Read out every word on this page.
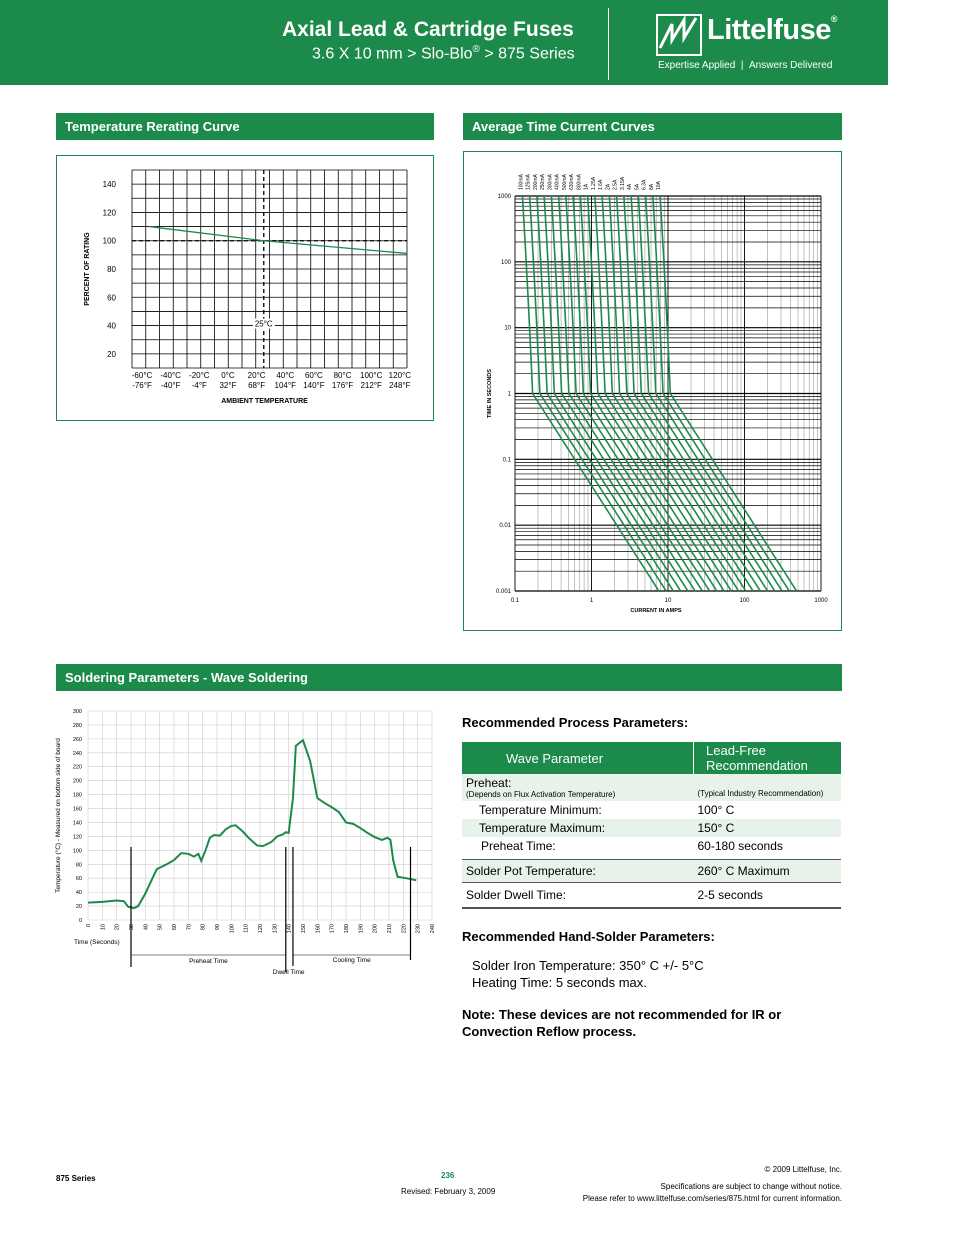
Axial Lead & Cartridge Fuses
3.6 X 10 mm > Slo-Blo® > 875 Series
Littelfuse®
Expertise Applied | Answers Delivered
Temperature Rerating Curve	Average Time Current Curves
Soldering Parameters - Wave Soldering
20
40
60
80
100
120
140
-60°C -40°C -20°C 0°C 20°C 40°C 60°C 80°C 100°C 120°C
-76°F -40°F -4°F 32°F 68°F 104°F 140°F 176°F 212°F 248°F
AMBIENT TEMPERATURE
PERCENT OF RATING
25°C
0.1	1	10	100	1000
0.001
0.01
0.1
1
10
100
1000
CURRENT IN AMPS
TIME IN SECONDS
100mA 125mA 200mA 250mA 300mA 400mA 500mA 630mA 800mA 1A 1.25A 1.6A 2A 2.5A 3.15A 4A 5A 6.3A 8A 10A
0
20
40
60
80
100
120
140
160
180
200
220
240
260
280
300
0 10 20 30 40 50 60 70 80 90 100 110 120 130 140 150 160 170 180 190 200 210 220 230 240
Temperature (°C) - Measured on bottom side of board
Time (Seconds)
Preheat Time
Dwell Time
Cooling Time
Recommended Process Parameters:
Wave Parameter	Lead-Free Recommendation

Preheat:
(Depends on Flux Activation Temperature)	(Typical Industry Recommendation)
Temperature Minimum:	100° C
Temperature Maximum:	150° C
Preheat Time:	60-180 seconds
Solder Pot Temperature:	260° C Maximum
Solder Dwell Time:	2-5 seconds
Recommended Hand-Solder Parameters:
Solder Iron Temperature: 350° C +/- 5°C
Heating Time: 5 seconds max.
Note: These devices are not recommended for IR or Convection Reflow process.
875 Series	236
Revised: February 3, 2009
© 2009 Littelfuse, Inc.
Specifications are subject to change without notice.
Please refer to www.littelfuse.com/series/875.html for current information.
